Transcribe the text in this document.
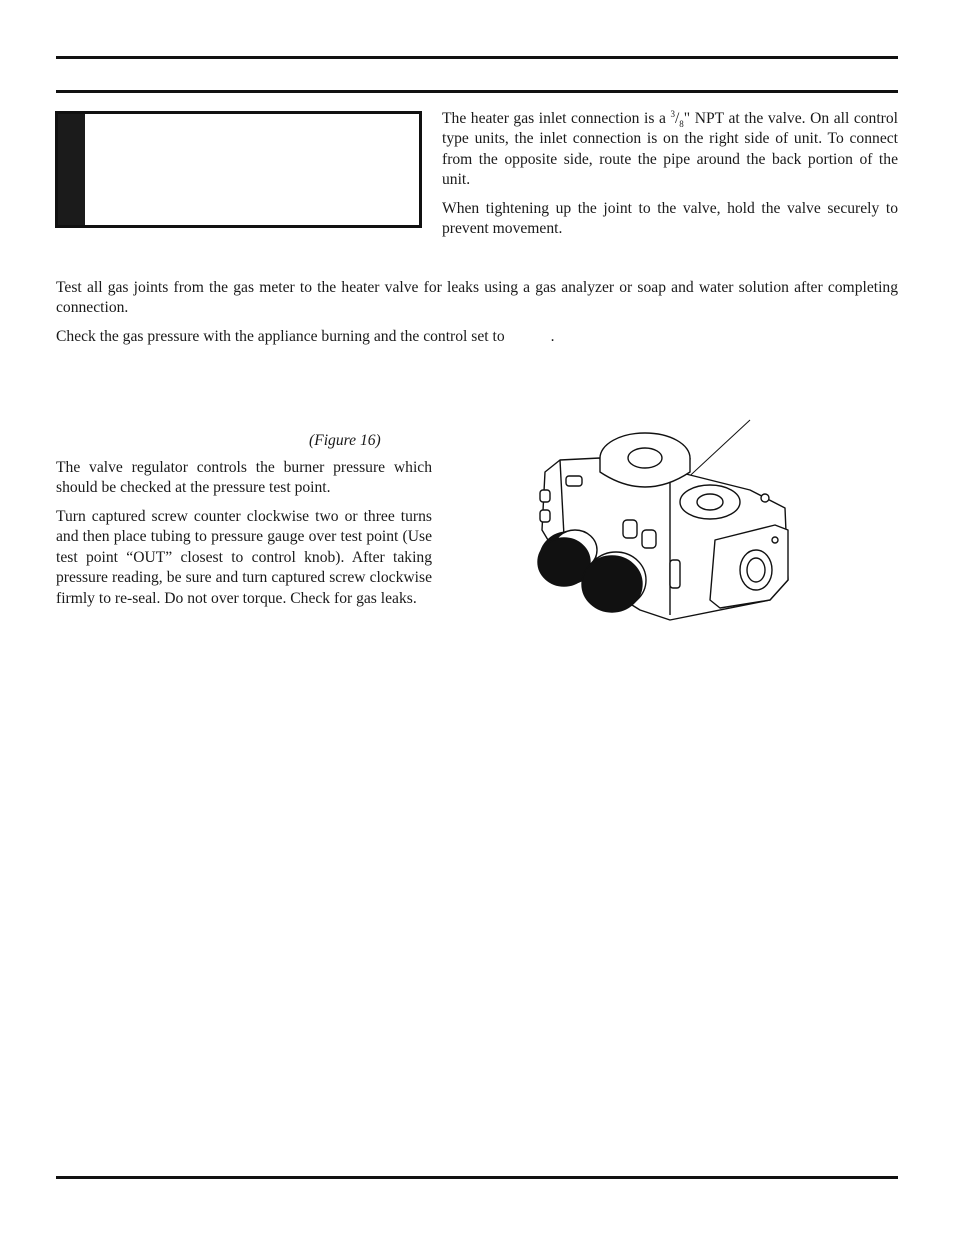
The heater gas inlet connection is a $^3/_8$" NPT at the valve. On all control type units, the inlet connection is on the right side of unit. To connect from the opposite side, route the pipe around the back portion of the unit.

When tightening up the joint to the valve, hold the valve securely to prevent movement.

Test all gas joints from the gas meter to the heater valve for leaks using a gas analyzer or soap and water solution after completing connection.

Check the gas pressure with the appliance burning and the control set to	.

(Figure 16)

The valve regulator controls the burner pressure which should be checked at the pressure test point.

Turn captured screw counter clockwise two or three turns and then place tubing to pressure gauge over test point (Use test point “OUT” closest to control knob). After taking pressure reading, be sure and turn captured screw clockwise firmly to re-seal. Do not over torque. Check for gas leaks.
